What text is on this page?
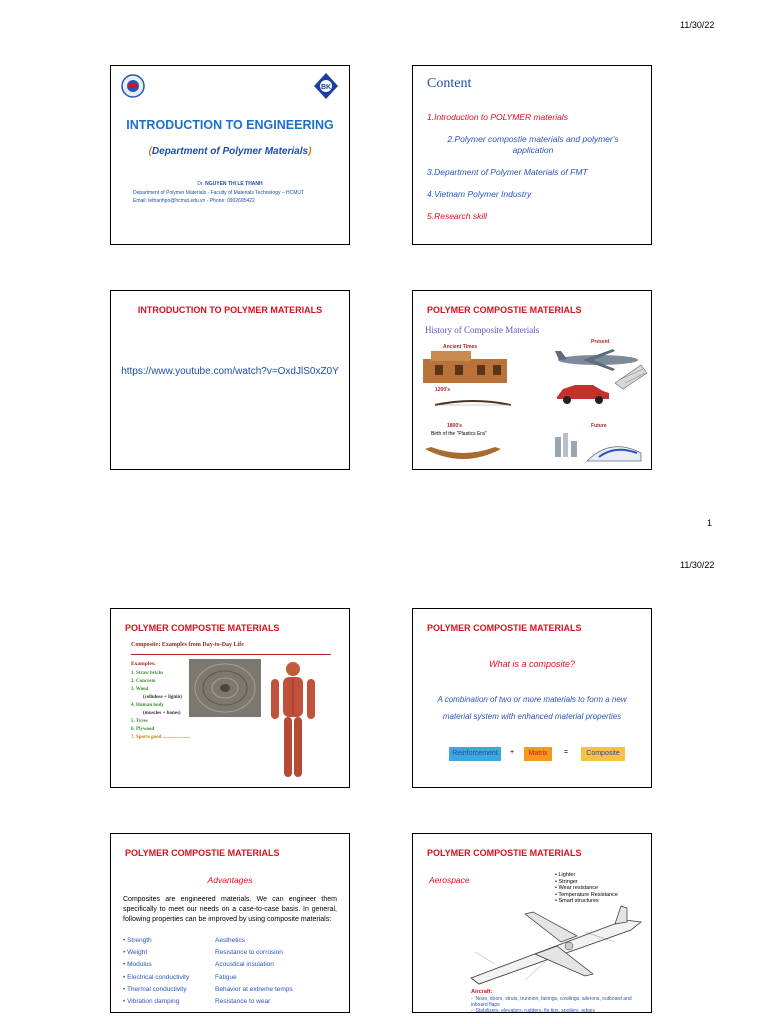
11/30/22
BK
INTRODUCTION TO ENGINEERING
(Department of Polymer Materials)
Dr. NGUYEN THI LE THANH
Department of Polymer Materials - Faculty of Materials Technology – HCMUT
Email: lethanhpo@hcmut.edu.vn - Phone: 0902695422
Content
1.Introduction to POLYMER materials
2.Polymer compostie materials and polymer's application
3.Department of Polymer Materials of FMT
4.Vietnam Polymer Industry
5.Research skill
INTRODUCTION TO POLYMER MATERIALS
https://www.youtube.com/watch?v=OxdJlS0xZ0Y
POLYMER COMPOSTIE MATERIALS
History of Composite Materials
Ancient Times
Present
1200's
1800's
Birth of the "Plastics Era"
Future
1
11/30/22
POLYMER COMPOSTIE MATERIALS
Composite: Examples from Day-to-Day Life
Examples:
1. Straw bricks
2. Concrete
3. Wood
(cellulose + lignin)
4. Human body
(muscles + bones)
5. Tyres
6. Plywood
7. Sports good ......................
POLYMER COMPOSTIE MATERIALS
What is a composite?
A combination of two or more materials to form a new material system with enhanced material properties
Reinforcement	+	Matrix	=	Composite
POLYMER COMPOSTIE MATERIALS
Advantages
Composites are engineered materials. We can engineer them specifically to meet our needs on a case-to-case basis. In general, following properties can be improved by using composite materials:
• Strength
• Weight
• Modulus
• Electrical conductivity
• Thermal conductivity
• Vibration damping
Aesthetics
Resistance to corrosion
Acoustical insulation
Fatigue
Behavior at extreme temps
Resistance to wear
POLYMER COMPOSTIE MATERIALS
Aerospace	• Lighter
• Stringer
• Wear resistance
• Temperature Resistance
• Smart structures
Aircraft:
-  Nose, doors, struts, trunnion, fairings, cowlings, ailerons, outboard and inboard flaps
-  Stabilizers, elevators, rudders, fin tips, spoilers, edges
